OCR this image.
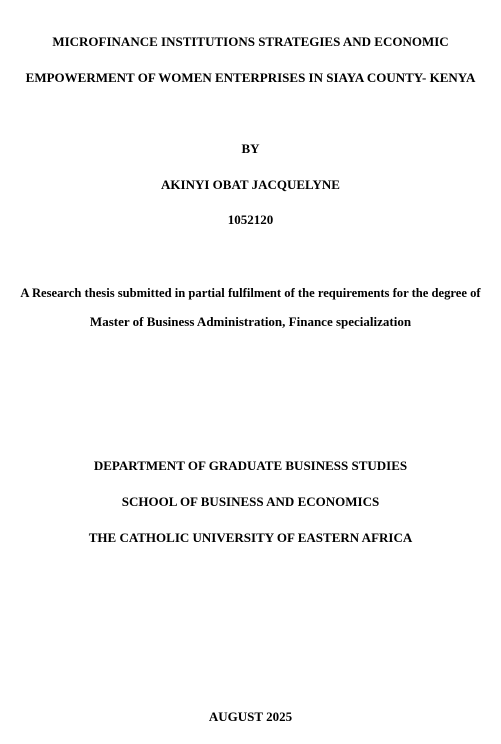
MICROFINANCE INSTITUTIONS STRATEGIES AND ECONOMIC
EMPOWERMENT OF WOMEN ENTERPRISES IN SIAYA COUNTY- KENYA
BY
AKINYI OBAT JACQUELYNE
1052120
A Research thesis submitted in partial fulfilment of the requirements for the degree of
Master of Business Administration, Finance specialization
DEPARTMENT OF GRADUATE BUSINESS STUDIES
SCHOOL OF BUSINESS AND ECONOMICS
THE CATHOLIC UNIVERSITY OF EASTERN AFRICA
AUGUST 2025
